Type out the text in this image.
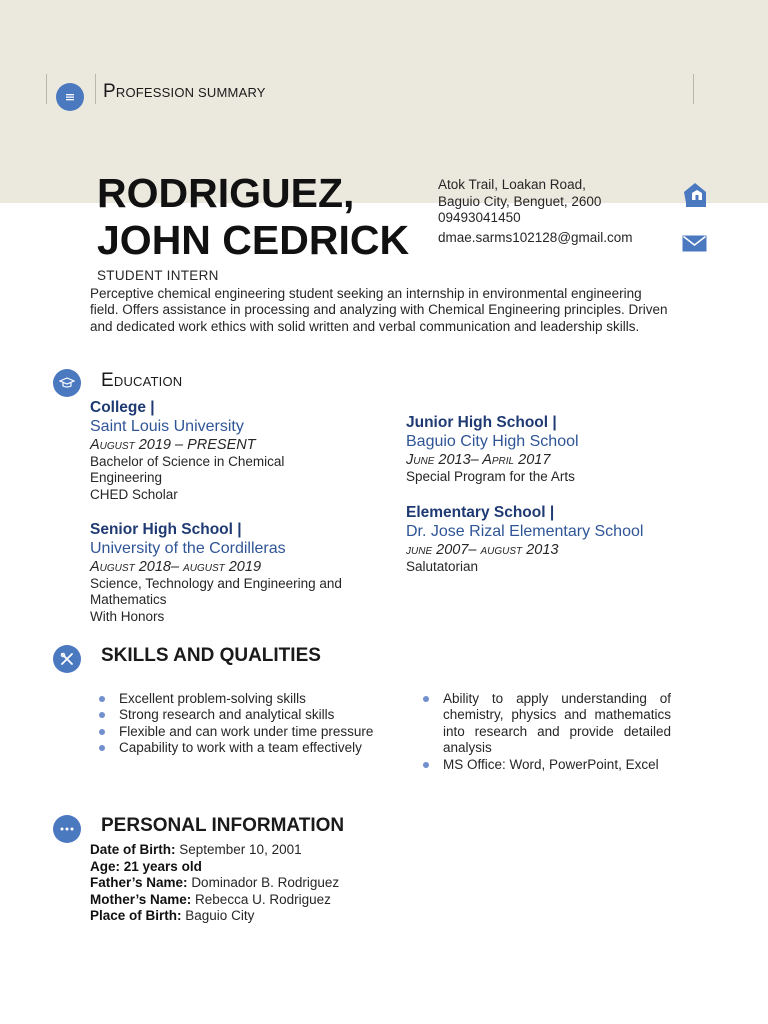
PROFESSION SUMMARY
RODRIGUEZ,
JOHN CEDRICK
STUDENT INTERN
Atok Trail, Loakan Road,
Baguio City, Benguet, 2600
09493041450
dmae.sarms102128@gmail.com

Perceptive chemical engineering student seeking an internship in environmental engineering field. Offers assistance in processing and analyzing with Chemical Engineering principles. Driven and dedicated work ethics with solid written and verbal communication and leadership skills.

EDUCATION
College |
Saint Louis University
August 2019 – PRESENT
Bachelor of Science in Chemical
Engineering
CHED Scholar
Senior High School |
University of the Cordilleras
August 2018– august 2019
Science, Technology and Engineering and
Mathematics
With Honors
Junior High School |
Baguio City High School
June 2013– April 2017
Special Program for the Arts
Elementary School |
Dr. Jose Rizal Elementary School
june 2007– august 2013
Salutatorian
SKILLS AND QUALITIES
Excellent problem-solving skills
Strong research and analytical skills
Flexible and can work under time pressure
Capability to work with a team effectively
Ability to apply understanding of chemistry, physics and mathematics into research and provide detailed analysis
MS Office: Word, PowerPoint, Excel
PERSONAL INFORMATION
Date of Birth: September 10, 2001
Age: 21 years old
Father’s Name: Dominador B. Rodriguez
Mother’s Name: Rebecca U. Rodriguez
Place of Birth: Baguio City
